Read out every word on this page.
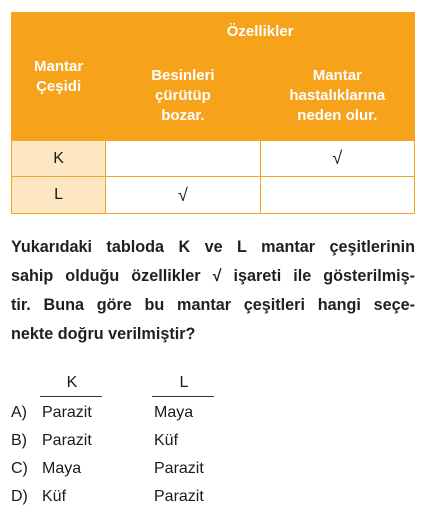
Mantar Çeşidi	Özellikler	
	Besinleri çürütüp bozar.	Mantar hastalıklarına neden olur.
K		√
L	√	
Yukarıdaki tabloda K ve L mantar çeşitlerinin
sahip olduğu özellikler √ işareti ile gösterilmiş-
tir. Buna göre bu mantar çeşitleri hangi seçe-
nekte doğru verilmiştir?
K	L
A) Parazit	Maya
B) Parazit	Küf
C) Maya	Parazit
D) Küf	Parazit
